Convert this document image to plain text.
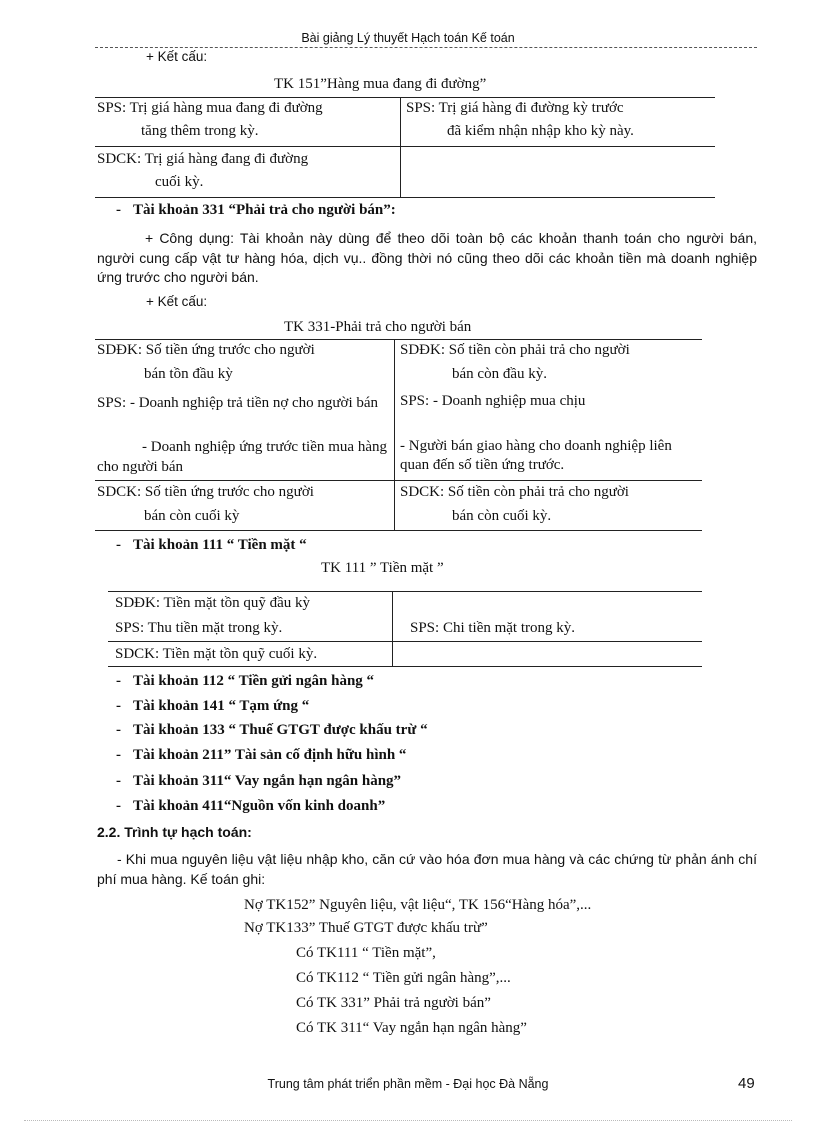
Bài giảng Lý thuyết Hạch toán Kế toán
+ Kết cấu:
TK 151”Hàng mua đang đi đường”
SPS: Trị giá hàng mua đang đi đường
tăng thêm trong kỳ.
SPS: Trị giá hàng đi đường kỳ trước
đã kiểm nhận nhập kho kỳ này.
SDCK: Trị giá hàng đang đi đường
cuối kỳ.
- Tài khoản 331 “Phải trả cho người bán”:
+ Công dụng: Tài khoản này dùng để theo dõi toàn bộ các khoản thanh toán cho người bán, người cung cấp vật tư hàng hóa, dịch vụ.. đồng thời nó cũng theo dõi các khoản tiền mà doanh nghiệp ứng trước cho người bán.
+ Kết cấu:
TK 331-Phải trả cho người bán
SDĐK: Số tiền ứng trước cho người
bán tồn đầu kỳ
SDĐK: Số tiền còn phải trả cho người
bán còn đầu kỳ.
SPS: - Doanh nghiệp trả tiền nợ cho người bán
- Doanh nghiệp ứng trước tiền mua hàng cho người bán
SPS: - Doanh nghiệp mua chịu
- Người bán giao hàng cho doanh nghiệp liên quan đến số tiền ứng trước.
SDCK: Số tiền ứng trước cho người
bán còn cuối kỳ
SDCK: Số tiền còn phải trả cho người
bán còn cuối kỳ.
- Tài khoản 111 “ Tiền mặt “
TK 111 ” Tiền mặt ”
SDĐK: Tiền mặt tồn quỹ đầu kỳ
SPS: Thu tiền mặt trong kỳ.	SPS: Chi tiền mặt trong kỳ.
SDCK: Tiền mặt tồn quỹ cuối kỳ.
- Tài khoản 112 “ Tiền gửi ngân hàng “
- Tài khoản 141 “ Tạm ứng “
- Tài khoản 133 “ Thuế GTGT được khấu trừ “
- Tài khoản 211” Tài sản cố định hữu hình “
- Tài khoản 311“ Vay ngắn hạn ngân hàng”
- Tài khoản 411“Nguồn vốn kinh doanh”
2.2. Trình tự hạch toán:
- Khi mua nguyên liệu vật liệu nhập kho, căn cứ vào hóa đơn mua hàng và các chứng từ phản ánh chí phí mua hàng. Kế toán ghi:
Nợ TK152” Nguyên liệu, vật liệu“, TK 156“Hàng hóa”,...
Nợ TK133” Thuế GTGT được khấu trừ”
Có TK111 “ Tiền mặt”,
Có TK112 “ Tiền gửi ngân hàng”,...
Có TK 331” Phải trả người bán”
Có TK 311“ Vay ngắn hạn ngân hàng”
Trung tâm phát triển phần mềm - Đại học Đà Nẵng	49
